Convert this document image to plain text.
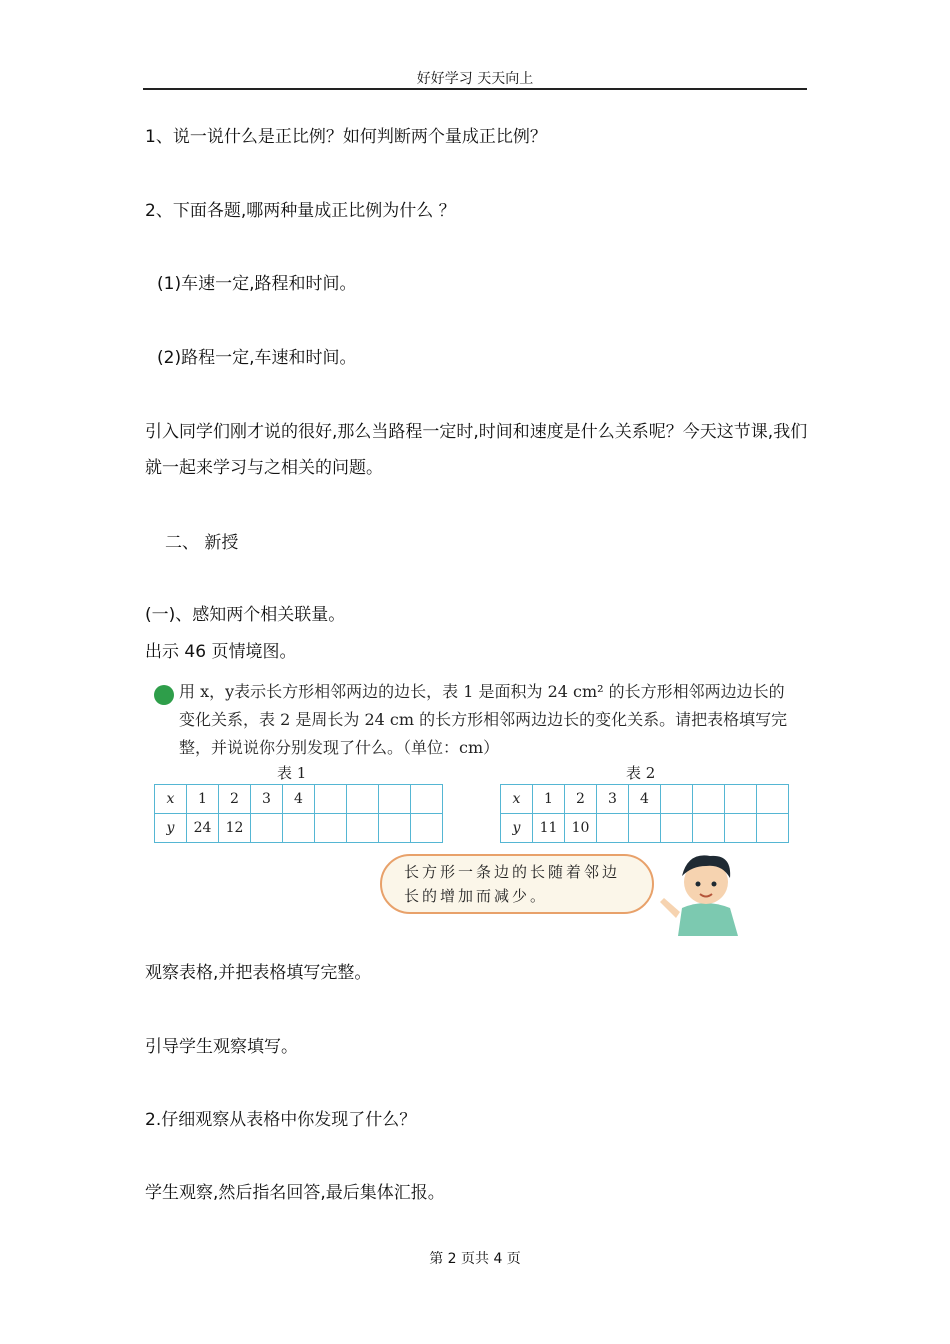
好好学习 天天向上
1、说一说什么是正比例？如何判断两个量成正比例？
2、下面各题,哪两种量成正比例为什么 ？
(1)车速一定,路程和时间。
(2)路程一定,车速和时间。
引入同学们刚才说的很好,那么当路程一定时,时间和速度是什么关系呢？今天这节课,我们就一起来学习与之相关的问题。
二、 新授
(一)、感知两个相关联量。
出示 46 页情境图。
用 x，y表示长方形相邻两边的边长，表 1 是面积为 24 cm² 的长方形相邻两边边长的变化关系，表 2 是周长为 24 cm 的长方形相邻两边边长的变化关系。请把表格填写完整，并说说你分别发现了什么。（单位：cm）
表 1
x	1	2	3	4				
y	24	12						
表 2
x	1	2	3	4				
y	11	10						
长方形一条边的长随着邻边长的增加而减少。
观察表格,并把表格填写完整。
引导学生观察填写。
2.仔细观察从表格中你发现了什么？
学生观察,然后指名回答,最后集体汇报。
第 2 页共 4 页
